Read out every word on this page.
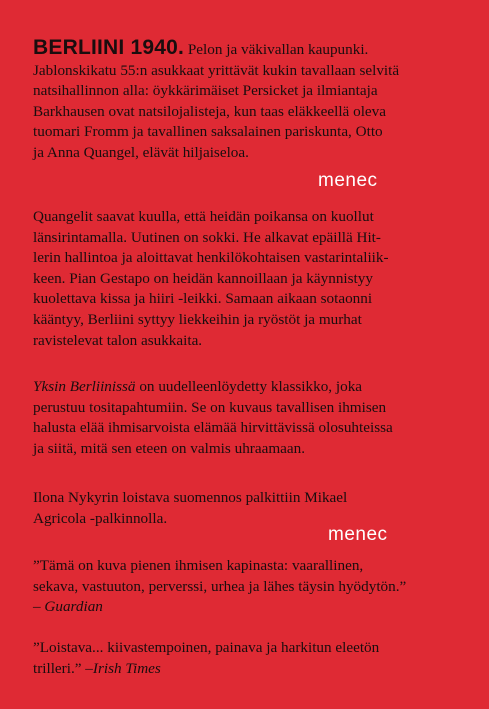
BERLIINI 1940. Pelon ja väkivallan kaupunki.
Jablonskikatu 55:n asukkaat yrittävät kukin tavallaan selvitä
natsihallinnon alla: öykkärimäiset Persicket ja ilmiantaja
Barkhausen ovat natsilojalisteja, kun taas eläkkeellä oleva
tuomari Fromm ja tavallinen saksalainen pariskunta, Otto
ja Anna Quangel, elävät hiljaiseloa.
menec
Quangelit saavat kuulla, että heidän poikansa on kuollut
länsirintamalla. Uutinen on sokki. He alkavat epäillä Hit-
lerin hallintoa ja aloittavat henkilökohtaisen vastarintaliik-
keen. Pian Gestapo on heidän kannoillaan ja käynnistyy
kuolettava kissa ja hiiri -leikki. Samaan aikaan sotaonni
kääntyy, Berliini syttyy liekkeihin ja ryöstöt ja murhat
ravistelevat talon asukkaita.
Yksin Berliinissä on uudelleenlöydetty klassikko, joka
perustuu tositapahtumiin. Se on kuvaus tavallisen ihmisen
halusta elää ihmisarvoista elämää hirvittävissä olosuhteissa
ja siitä, mitä sen eteen on valmis uhraamaan.
Ilona Nykyrin loistava suomennos palkittiin Mikael
Agricola -palkinnolla.
menec
”Tämä on kuva pienen ihmisen kapinasta: vaarallinen,
sekava, vastuuton, perverssi, urhea ja lähes täysin hyödytön.”
– Guardian
”Loistava... kiivastempoinen, painava ja harkitun eleetön
trilleri.” –Irish Times
